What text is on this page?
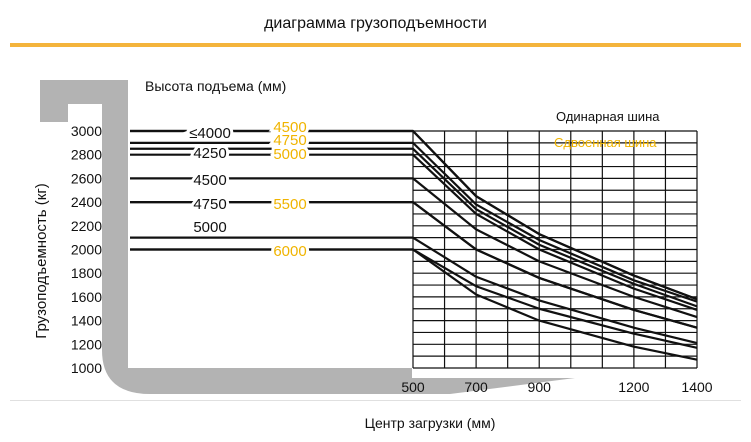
диаграмма грузоподъемности
1000
1200
1400
1600
1800
2000
2200
2400
2600
2800
3000
500	700	900	1200 1400
Центр загрузки (мм)
Грузоподъемность (кг)
Высота подъема (мм)
Одинарная шина
Сдвоенная шина
≤4000	4500
4750
4250	5000
4500
4750	5500
5000
6000
